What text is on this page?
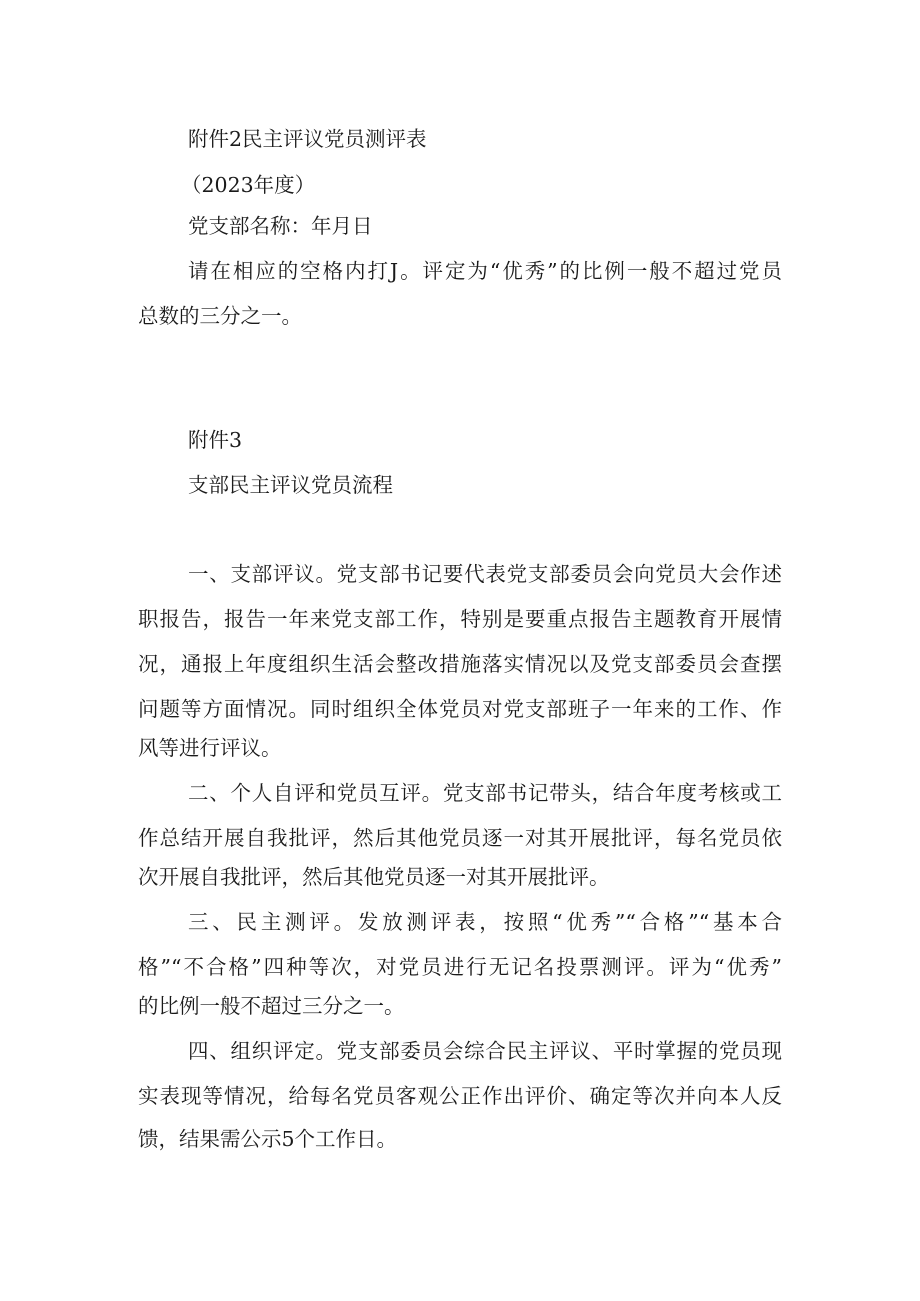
附件2民主评议党员测评表
（2023年度）
党支部名称：年月日
请在相应的空格内打J。评定为“优秀”的比例一般不超过党员
总数的三分之一。
附件3
支部民主评议党员流程
一、支部评议。党支部书记要代表党支部委员会向党员大会作述
职报告，报告一年来党支部工作，特别是要重点报告主题教育开展情
况，通报上年度组织生活会整改措施落实情况以及党支部委员会查摆
问题等方面情况。同时组织全体党员对党支部班子一年来的工作、作
风等进行评议。
二、个人自评和党员互评。党支部书记带头，结合年度考核或工
作总结开展自我批评，然后其他党员逐一对其开展批评，每名党员依
次开展自我批评，然后其他党员逐一对其开展批评。
三、民主测评。发放测评表，按照“优秀”“合格”“基本合
格”“不合格”四种等次，对党员进行无记名投票测评。评为“优秀”
的比例一般不超过三分之一。
四、组织评定。党支部委员会综合民主评议、平时掌握的党员现
实表现等情况，给每名党员客观公正作出评价、确定等次并向本人反
馈，结果需公示5个工作日。
